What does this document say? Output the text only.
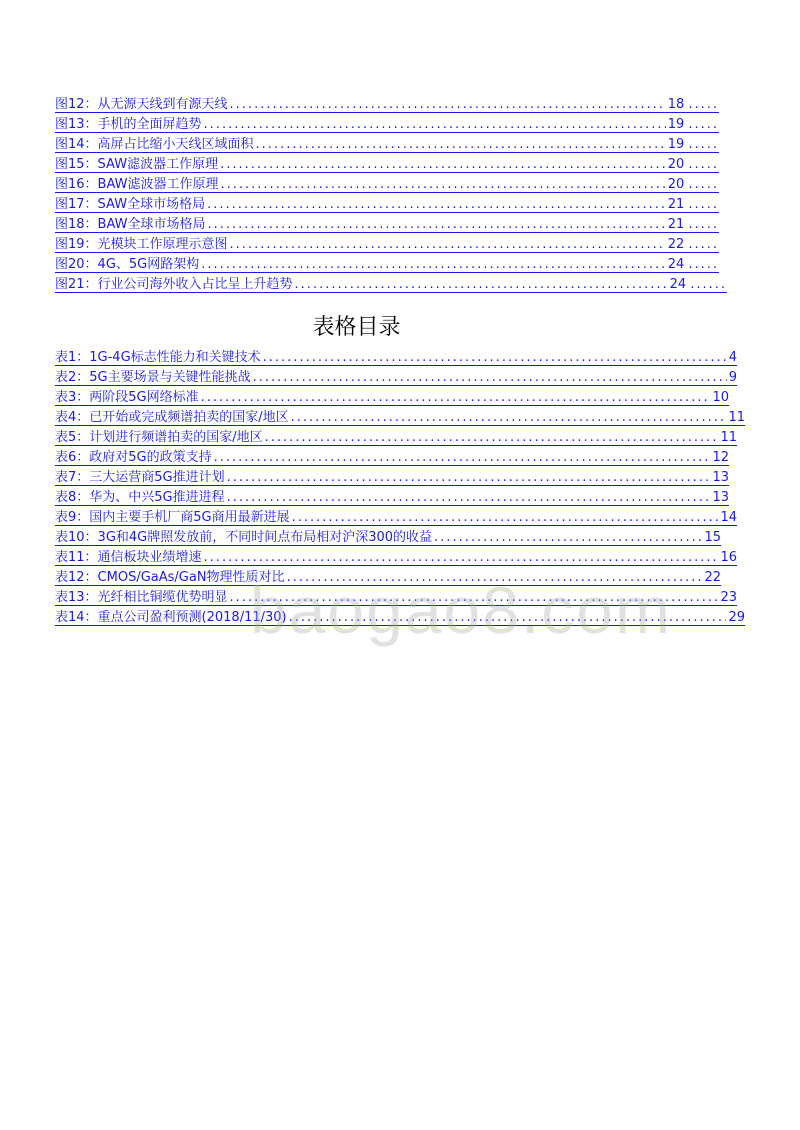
图12：从无源天线到有源天线 .....	18 .....
图13：手机的全面屏趋势 .....	19 .....
图14：高屏占比缩小天线区域面积 .....	19 .....
图15：SAW滤波器工作原理 .....	20 .....
图16：BAW滤波器工作原理 .....	20 .....
图17：SAW全球市场格局 .....	21 .....
图18：BAW全球市场格局 .....	21 .....
图19：光模块工作原理示意图 .....	22 .....
图20：4G、5G网路架构 .....	24 .....
图21：行业公司海外收入占比呈上升趋势 .....	24 ......
表格目录
表1：1G-4G标志性能力和关键技术 .....	4
表2：5G主要场景与关键性能挑战 .....	9
表3：两阶段5G网络标准 .....	10
表4：已开始或完成频谱拍卖的国家/地区 .....	11
表5：计划进行频谱拍卖的国家/地区 .....	11
表6：政府对5G的政策支持 .....	12
表7：三大运营商5G推进计划 .....	13
表8：华为、中兴5G推进进程 .....	13
表9：国内主要手机厂商5G商用最新进展 .....	14
表10：3G和4G牌照发放前，不同时间点布局相对沪深300的收益 .....	15
表11：通信板块业绩增速 .....	16
表12：CMOS/GaAs/GaN物理性质对比 .....	22
表13：光纤相比铜缆优势明显 .....	23
表14：重点公司盈利预测(2018/11/30) .....	29
baogao8.com
